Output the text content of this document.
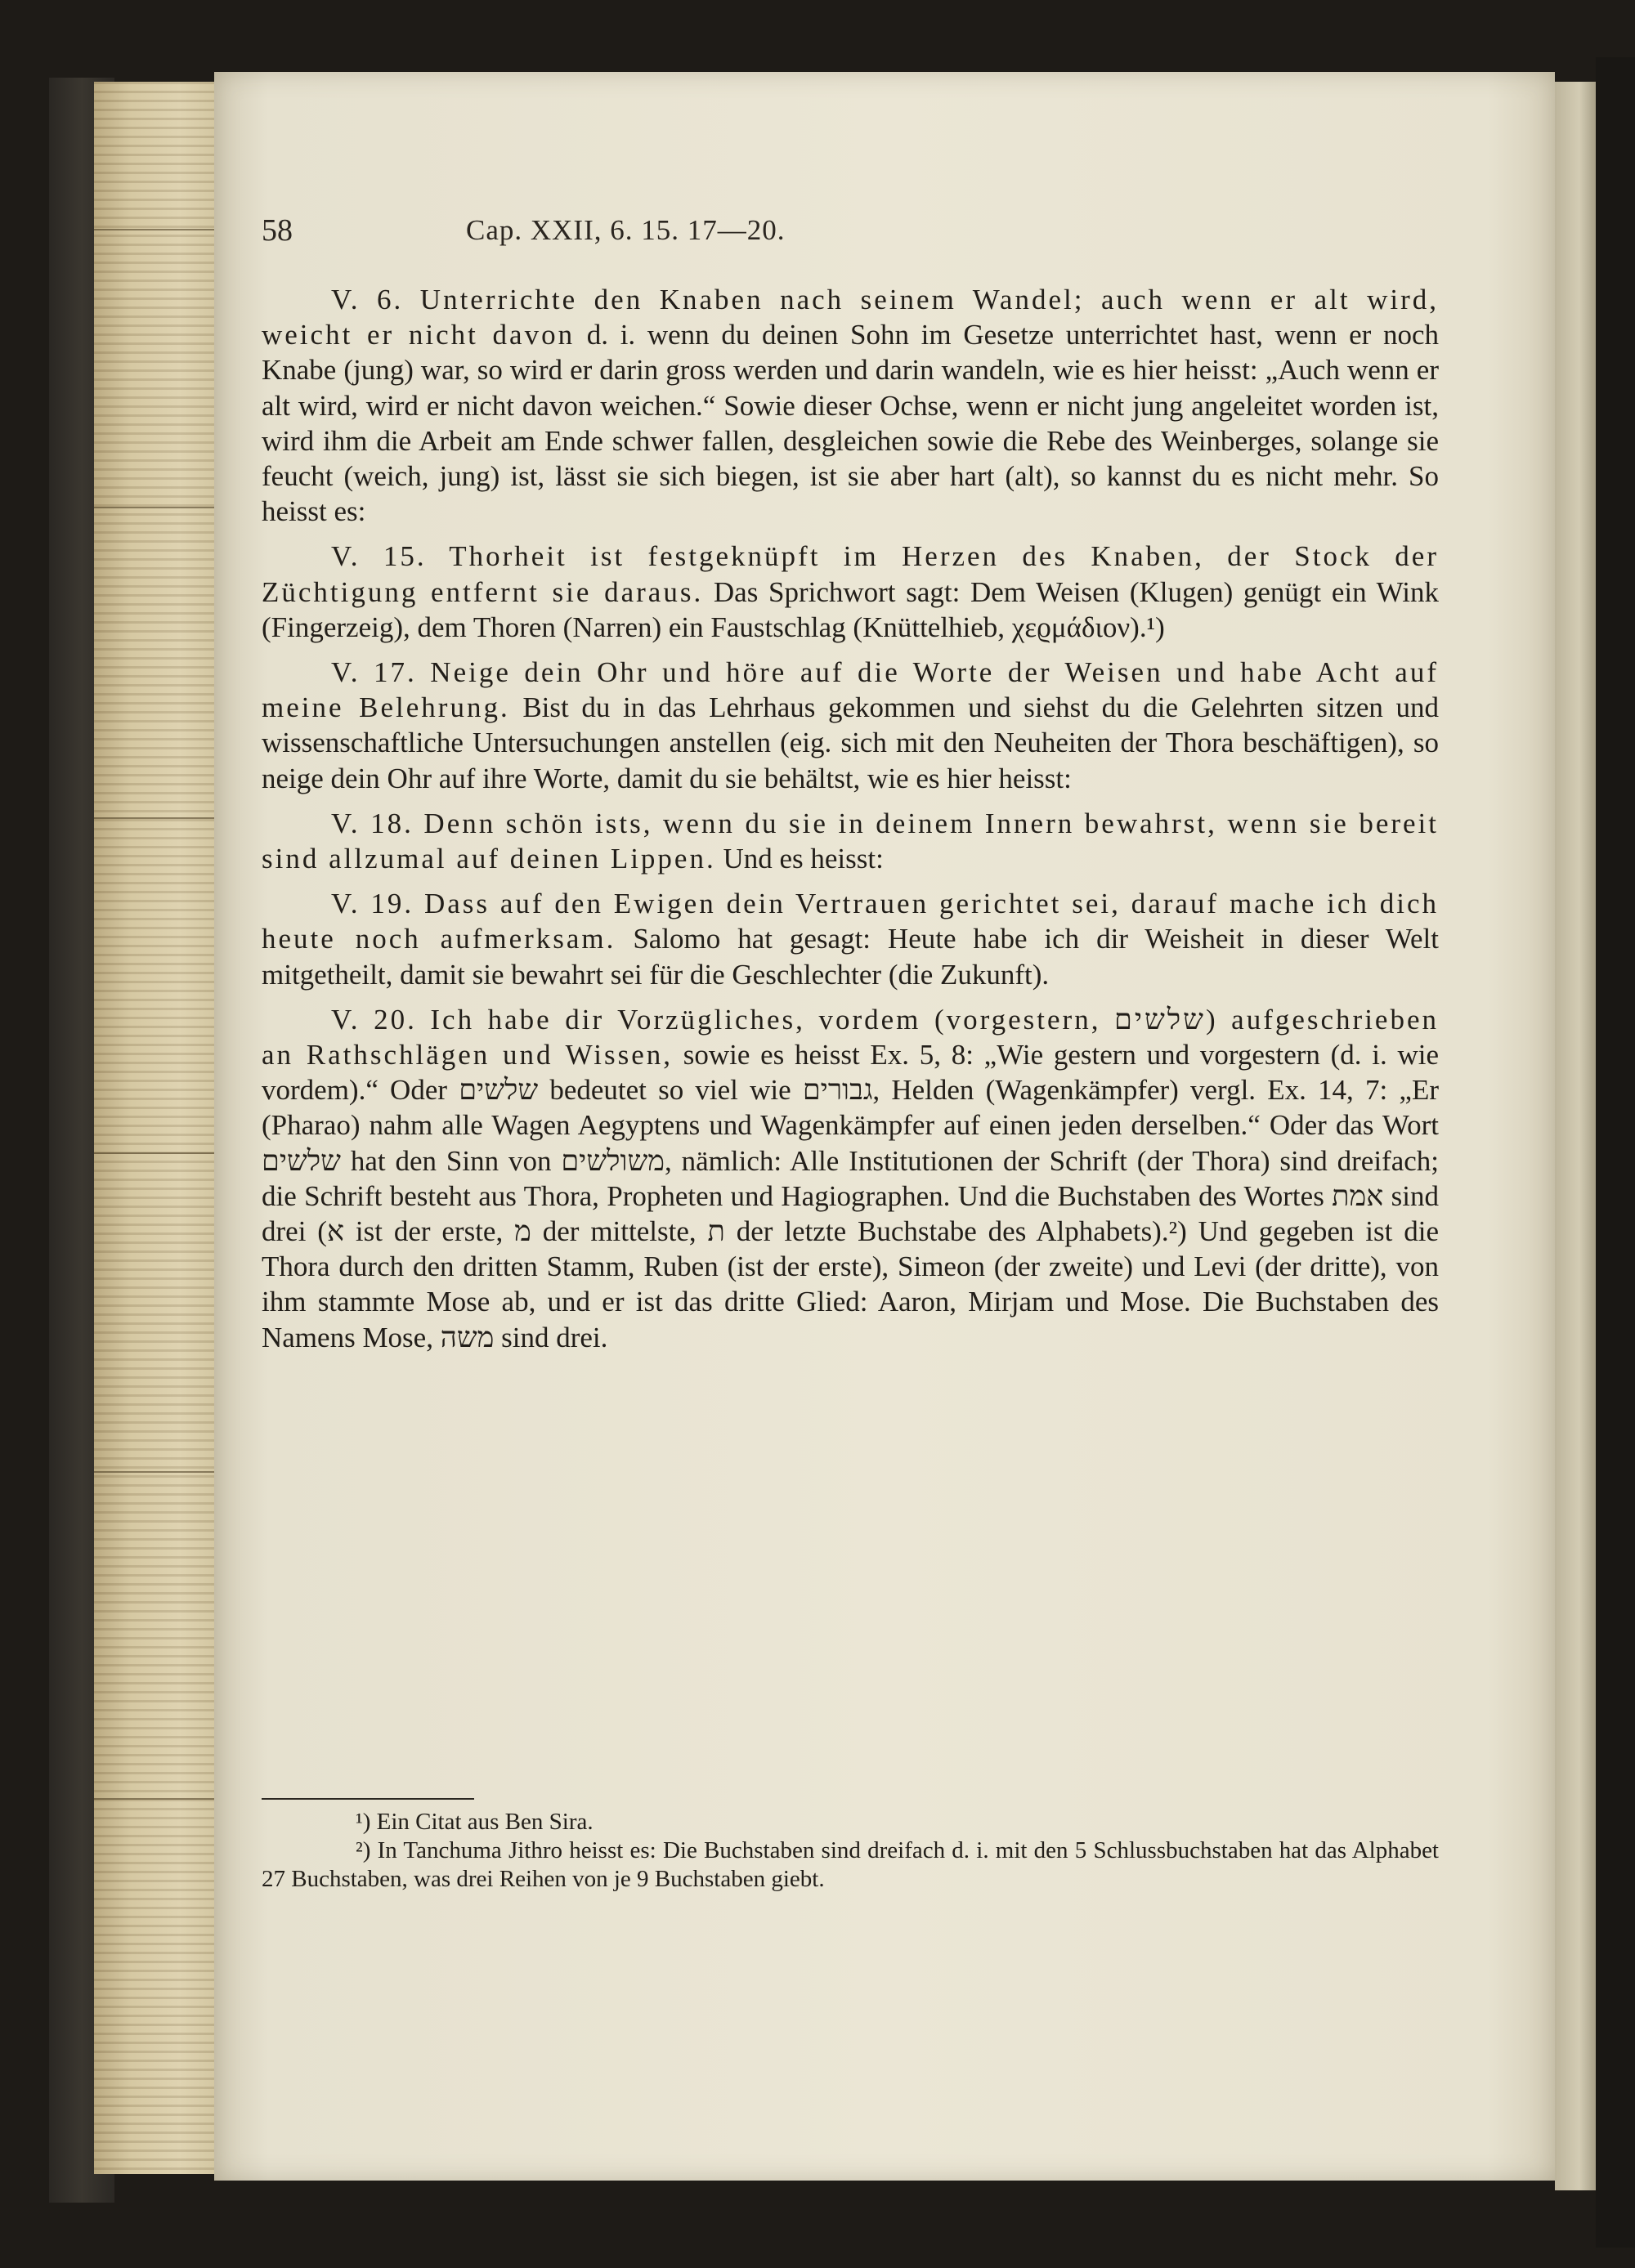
58	Cap. XXII, 6. 15. 17—20.

V. 6. Unterrichte den Knaben nach seinem Wandel; auch wenn er alt wird, weicht er nicht davon d. i. wenn du deinen Sohn im Gesetze unterrichtet hast, wenn er noch Knabe (jung) war, so wird er darin gross werden und darin wandeln, wie es hier heisst: „Auch wenn er alt wird, wird er nicht davon weichen.“ Sowie dieser Ochse, wenn er nicht jung angeleitet worden ist, wird ihm die Arbeit am Ende schwer fallen, desgleichen sowie die Rebe des Weinberges, solange sie feucht (weich, jung) ist, lässt sie sich biegen, ist sie aber hart (alt), so kannst du es nicht mehr. So heisst es:

V. 15. Thorheit ist festgeknüpft im Herzen des Knaben, der Stock der Züchtigung entfernt sie daraus. Das Sprichwort sagt: Dem Weisen (Klugen) genügt ein Wink (Fingerzeig), dem Thoren (Narren) ein Faustschlag (Knüttelhieb, χεϱμάδιον).¹)

V. 17. Neige dein Ohr und höre auf die Worte der Weisen und habe Acht auf meine Belehrung. Bist du in das Lehrhaus gekommen und siehst du die Gelehrten sitzen und wissenschaftliche Untersuchungen anstellen (eig. sich mit den Neuheiten der Thora beschäftigen), so neige dein Ohr auf ihre Worte, damit du sie behältst, wie es hier heisst:

V. 18. Denn schön ists, wenn du sie in deinem Innern bewahrst, wenn sie bereit sind allzumal auf deinen Lippen. Und es heisst:

V. 19. Dass auf den Ewigen dein Vertrauen gerichtet sei, darauf mache ich dich heute noch aufmerksam. Salomo hat gesagt: Heute habe ich dir Weisheit in dieser Welt mitgetheilt, damit sie bewahrt sei für die Geschlechter (die Zukunft).

V. 20. Ich habe dir Vorzügliches, vordem (vorgestern, שלשים) aufgeschrieben an Rathschlägen und Wissen, sowie es heisst Ex. 5, 8: „Wie gestern und vorgestern (d. i. wie vordem).“ Oder שלשים bedeutet so viel wie גבורים, Helden (Wagenkämpfer) vergl. Ex. 14, 7: „Er (Pharao) nahm alle Wagen Aegyptens und Wagenkämpfer auf einen jeden derselben.“ Oder das Wort שלשים hat den Sinn von משולשים, nämlich: Alle Institutionen der Schrift (der Thora) sind dreifach; die Schrift besteht aus Thora, Propheten und Hagiographen. Und die Buchstaben des Wortes אמת sind drei (א ist der erste, מ der mittelste, ת der letzte Buchstabe des Alphabets).²) Und gegeben ist die Thora durch den dritten Stamm, Ruben (ist der erste), Simeon (der zweite) und Levi (der dritte), von ihm stammte Mose ab, und er ist das dritte Glied: Aaron, Mirjam und Mose. Die Buchstaben des Namens Mose, משה sind drei.

¹) Ein Citat aus Ben Sira.

²) In Tanchuma Jithro heisst es: Die Buchstaben sind dreifach d. i. mit den 5 Schlussbuchstaben hat das Alphabet 27 Buchstaben, was drei Reihen von je 9 Buchstaben giebt.
